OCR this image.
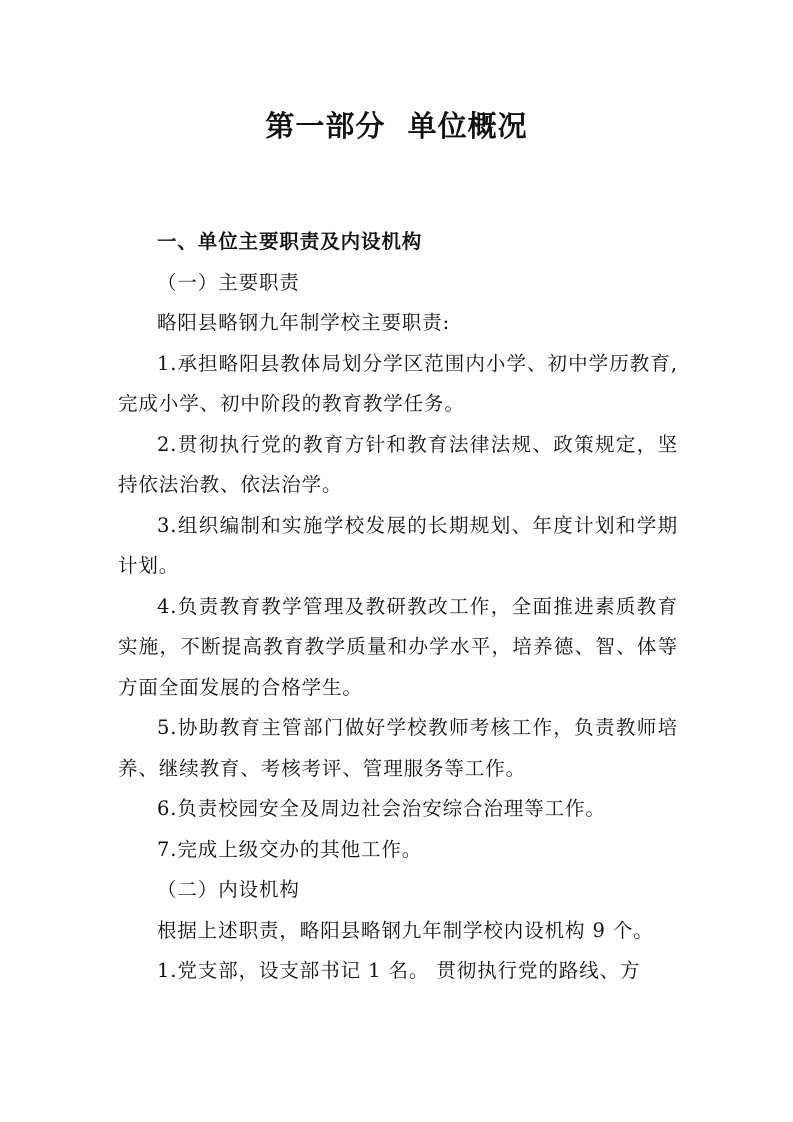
第一部分  单位概况

一、单位主要职责及内设机构

（一）主要职责

略阳县略钢九年制学校主要职责:

1.承担略阳县教体局划分学区范围内小学、初中学历教育,完成小学、初中阶段的教育教学任务。

2.贯彻执行党的教育方针和教育法律法规、政策规定，坚持依法治教、依法治学。

3.组织编制和实施学校发展的长期规划、年度计划和学期计划。

4.负责教育教学管理及教研教改工作，全面推进素质教育实施，不断提高教育教学质量和办学水平，培养德、智、体等方面全面发展的合格学生。

5.协助教育主管部门做好学校教师考核工作，负责教师培养、继续教育、考核考评、管理服务等工作。

6.负责校园安全及周边社会治安综合治理等工作。

7.完成上级交办的其他工作。

（二）内设机构

根据上述职责，略阳县略钢九年制学校内设机构 9 个。

1.党支部，设支部书记 1 名。 贯彻执行党的路线、方
